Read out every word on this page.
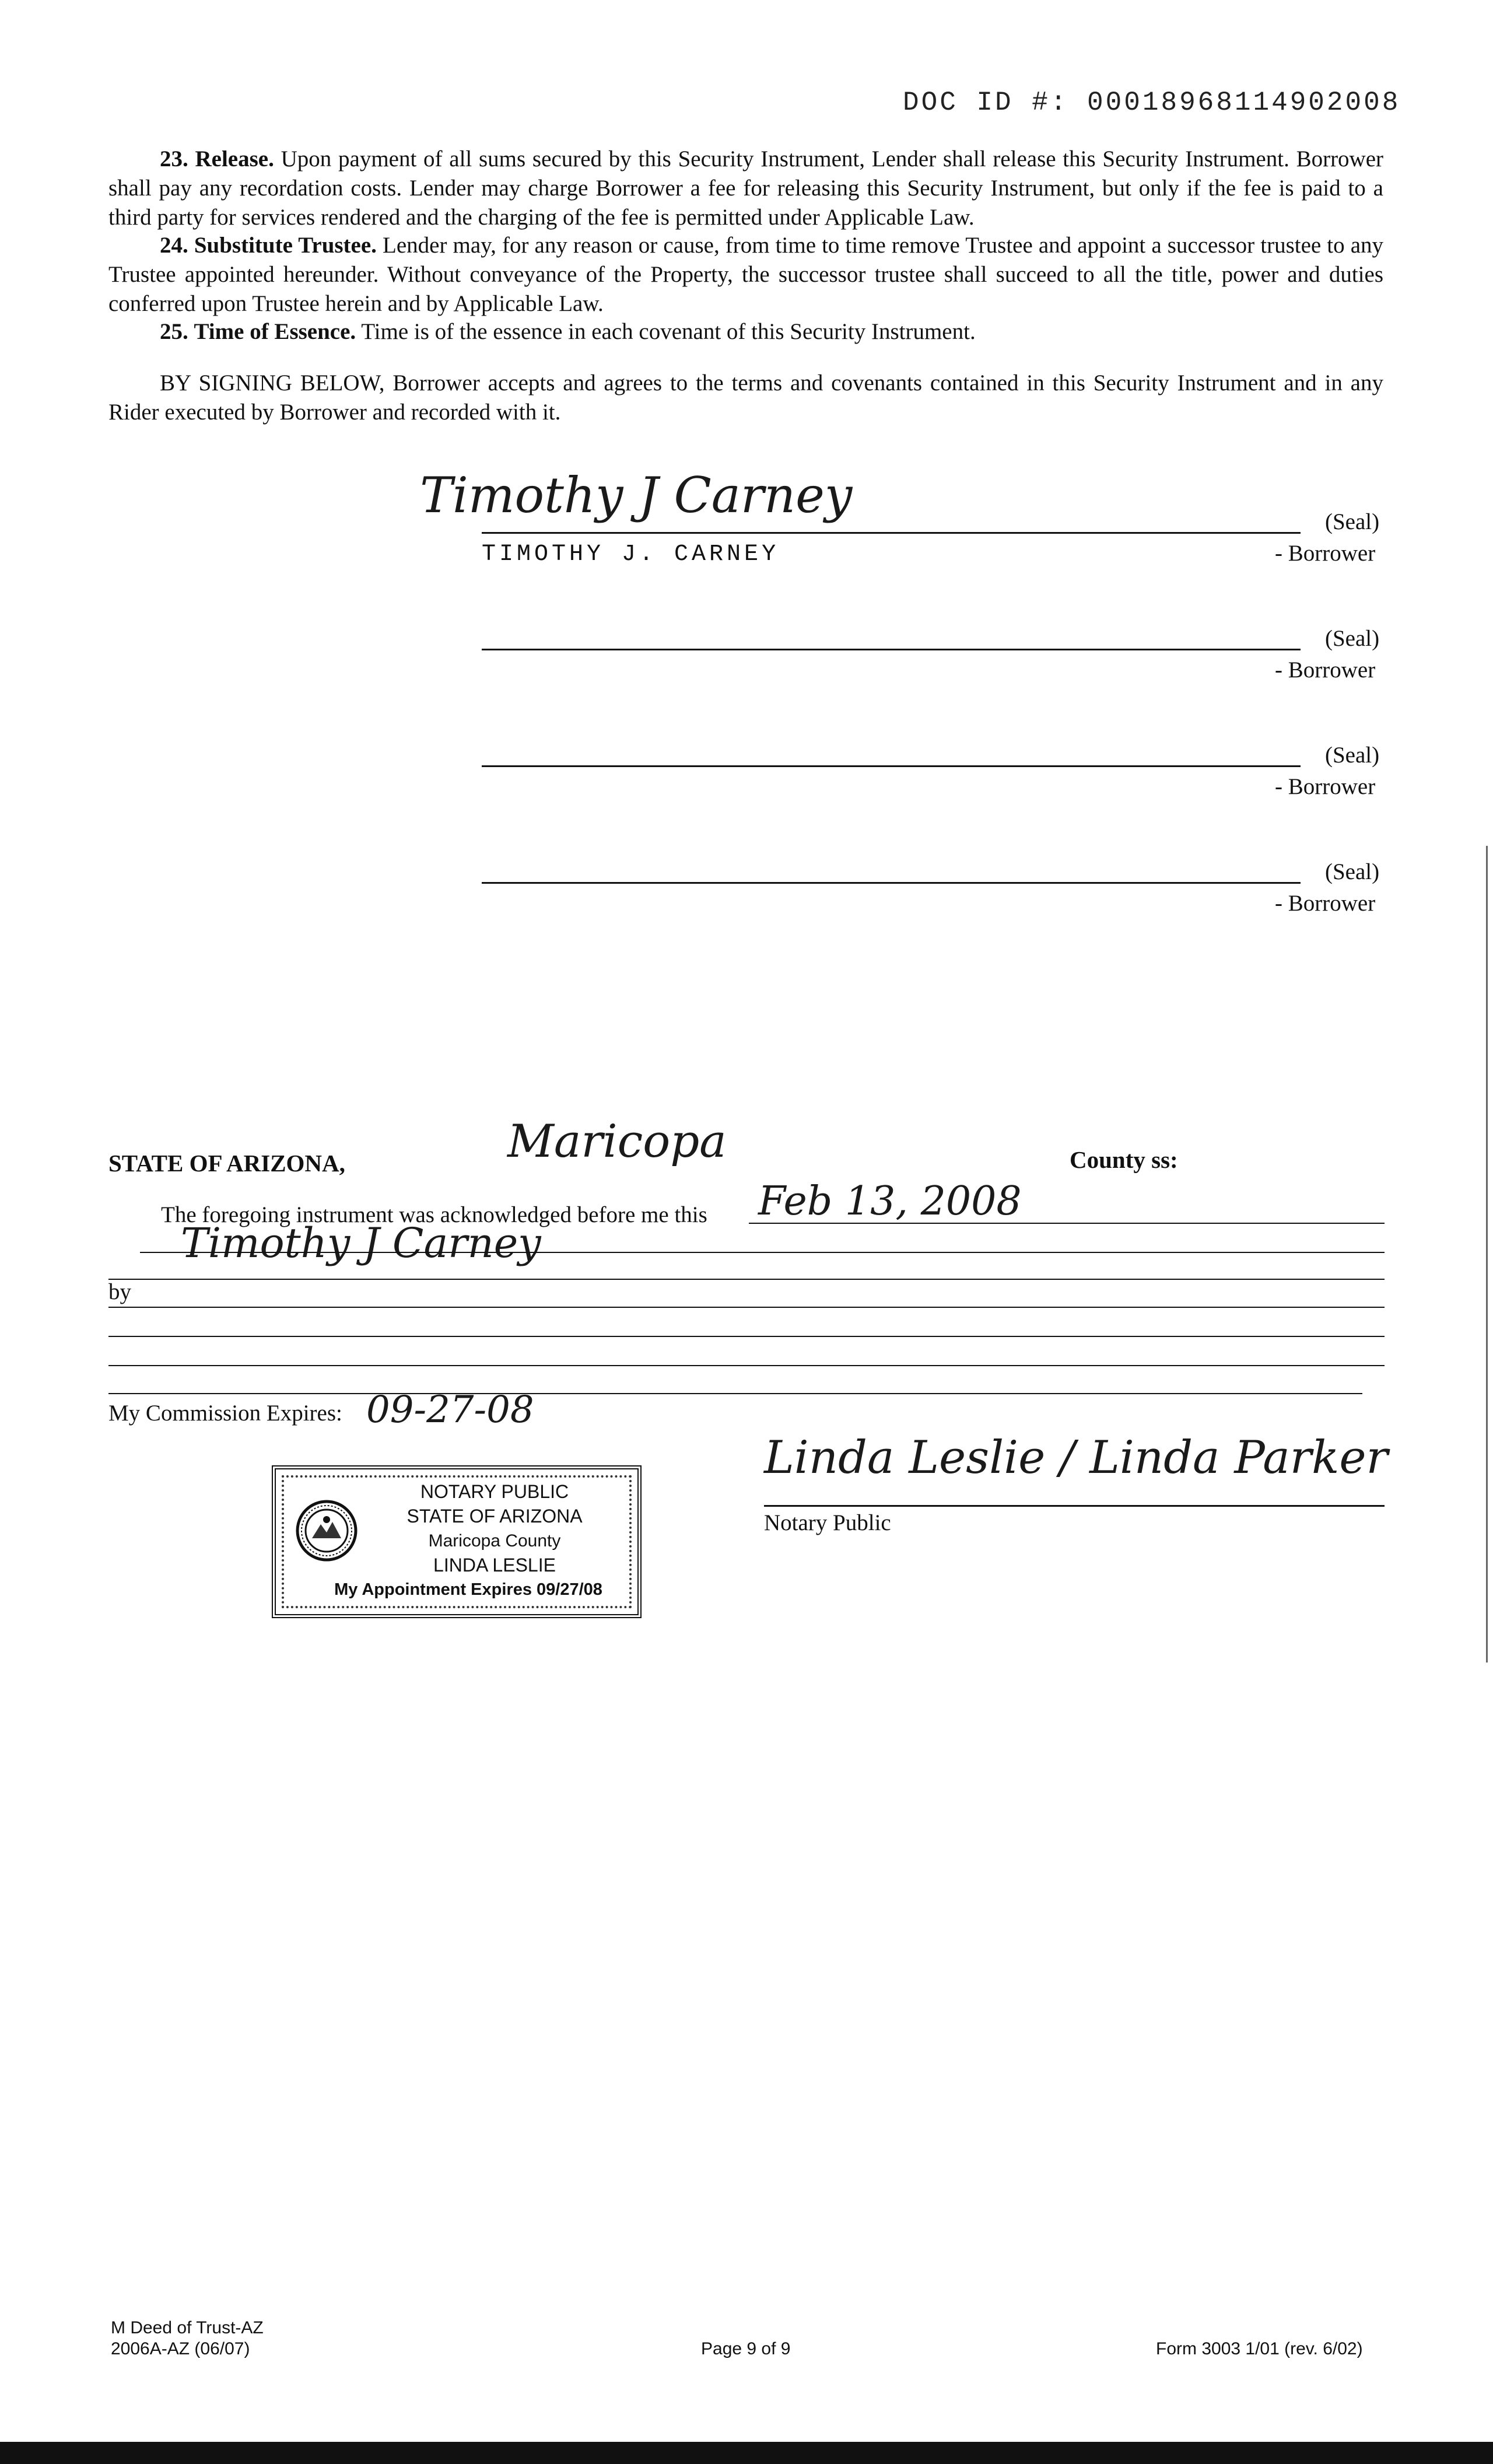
DOC ID #: 0001896811490200​8
23. Release. Upon payment of all sums secured by this Security Instrument, Lender shall release this Security Instrument. Borrower shall pay any recordation costs. Lender may charge Borrower a fee for releasing this Security Instrument, but only if the fee is paid to a third party for services rendered and the charging of the fee is permitted under Applicable Law.
24. Substitute Trustee. Lender may, for any reason or cause, from time to time remove Trustee and appoint a successor trustee to any Trustee appointed hereunder. Without conveyance of the Property, the successor trustee shall succeed to all the title, power and duties conferred upon Trustee herein and by Applicable Law.
25. Time of Essence. Time is of the essence in each covenant of this Security Instrument.
BY SIGNING BELOW, Borrower accepts and agrees to the terms and covenants contained in this Security Instrument and in any Rider executed by Borrower and recorded with it.
Timothy J Carney	(Seal)
TIMOTHY J. CARNEY	- Borrower
(Seal)
- Borrower
(Seal)
- Borrower
(Seal)
- Borrower
STATE OF ARIZONA,	Maricopa	County ss:
The foregoing instrument was acknowledged before me this Feb 13, 2008
by
Timothy J Carney
My Commission Expires: 09-27-08
Linda Leslie / Linda Parker
Notary Public
NOTARY PUBLIC
STATE OF ARIZONA
Maricopa County
LINDA LESLIE
My Appointment Expires 09/27/08
M Deed of Trust-AZ
2006A-AZ (06/07)	Page 9 of 9	Form 3003 1/01 (rev. 6/02)
